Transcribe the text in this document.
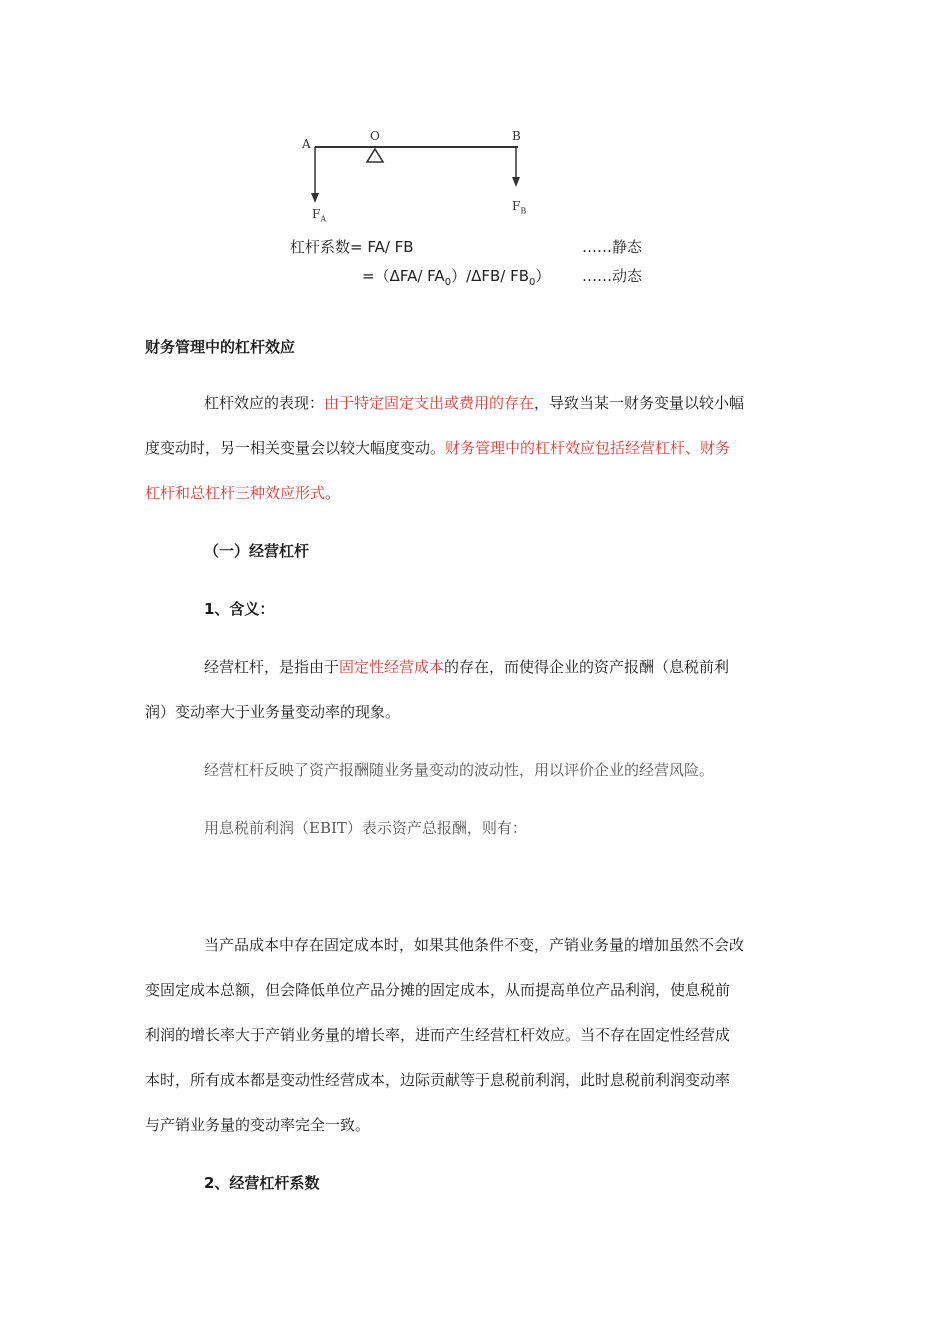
A
O	B
$F_A$
$F_B$
杠杆系数= FA/ FB	……静态
=（ΔFA/ $FA_0)/\Delta FB/$ $FB_0$） ……动态
财务管理中的杠杆效应
杠杆效应的表现：由于特定固定支出或费用的存在，导致当某一财务变量以较小幅
度变动时，另一相关变量会以较大幅度变动。财务管理中的杠杆效应包括经营杠杆、财务
杠杆和总杠杆三种效应形式。
（一）经营杠杆
1、含义：
经营杠杆，是指由于固定性经营成本的存在，而使得企业的资产报酬（息税前利
润）变动率大于业务量变动率的现象。
经营杠杆反映了资产报酬随业务量变动的波动性，用以评价企业的经营风险。
用息税前利润（EBIT）表示资产总报酬，则有：
当产品成本中存在固定成本时，如果其他条件不变，产销业务量的增加虽然不会改
变固定成本总额，但会降低单位产品分摊的固定成本，从而提高单位产品利润，使息税前
利润的增长率大于产销业务量的增长率，进而产生经营杠杆效应。当不存在固定性经营成
本时，所有成本都是变动性经营成本，边际贡献等于息税前利润，此时息税前利润变动率
与产销业务量的变动率完全一致。
2、经营杠杆系数
